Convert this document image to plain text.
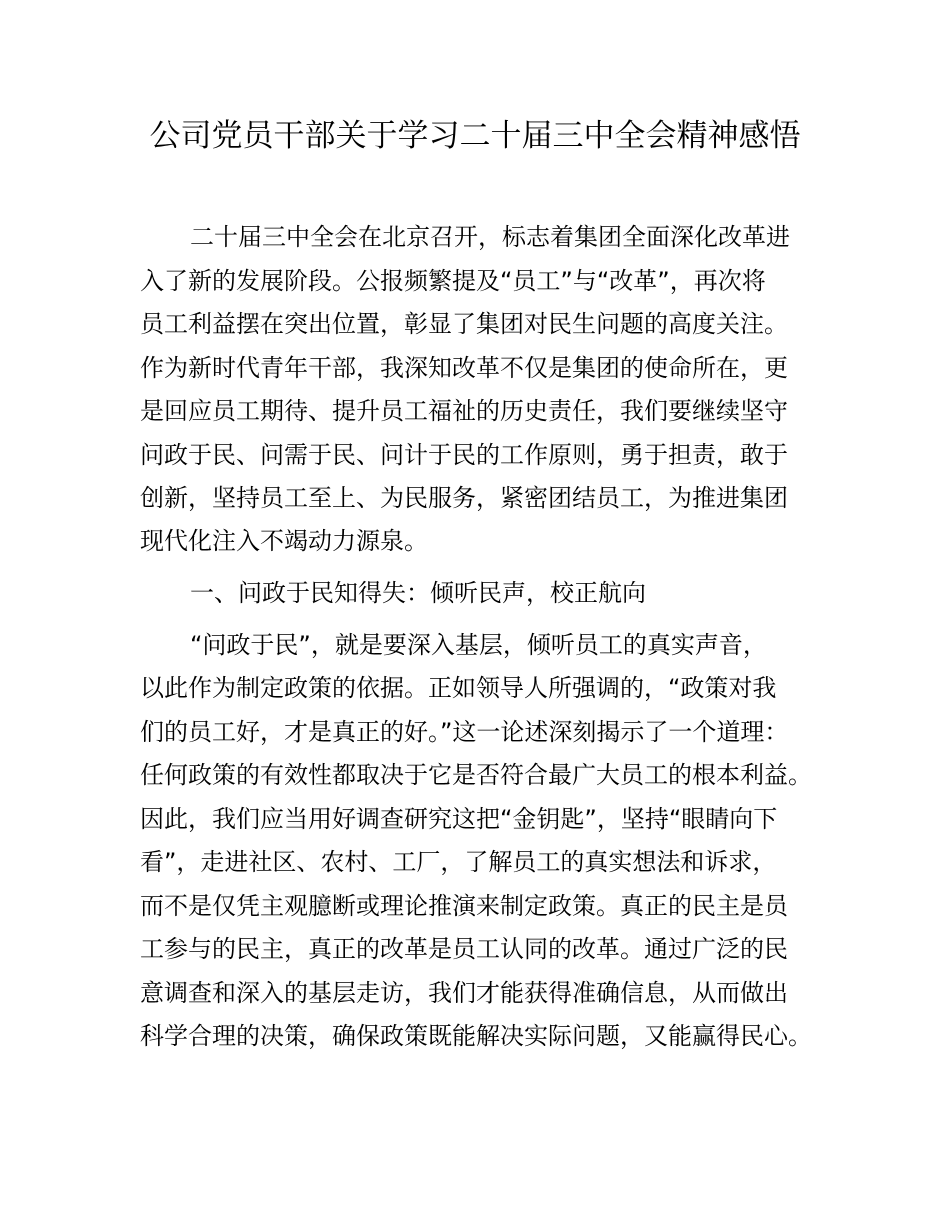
公司党员干部关于学习二十届三中全会精神感悟

二十届三中全会在北京召开，标志着集团全面深化改革进

入了新的发展阶段。公报频繁提及“员工”与“改革”，再次将

员工利益摆在突出位置，彰显了集团对民生问题的高度关注。

作为新时代青年干部，我深知改革不仅是集团的使命所在，更

是回应员工期待、提升员工福祉的历史责任，我们要继续坚守

问政于民、问需于民、问计于民的工作原则，勇于担责，敢于

创新，坚持员工至上、为民服务，紧密团结员工，为推进集团

现代化注入不竭动力源泉。

一、问政于民知得失：倾听民声，校正航向

“问政于民”，就是要深入基层，倾听员工的真实声音，

以此作为制定政策的依据。正如领导人所强调的，“政策对我

们的员工好，才是真正的好。”这一论述深刻揭示了一个道理：

任何政策的有效性都取决于它是否符合最广大员工的根本利益。

因此，我们应当用好调查研究这把“金钥匙”，坚持“眼睛向下

看”，走进社区、农村、工厂，了解员工的真实想法和诉求，

而不是仅凭主观臆断或理论推演来制定政策。真正的民主是员

工参与的民主，真正的改革是员工认同的改革。通过广泛的民

意调查和深入的基层走访，我们才能获得准确信息，从而做出

科学合理的决策，确保政策既能解决实际问题，又能赢得民心。
